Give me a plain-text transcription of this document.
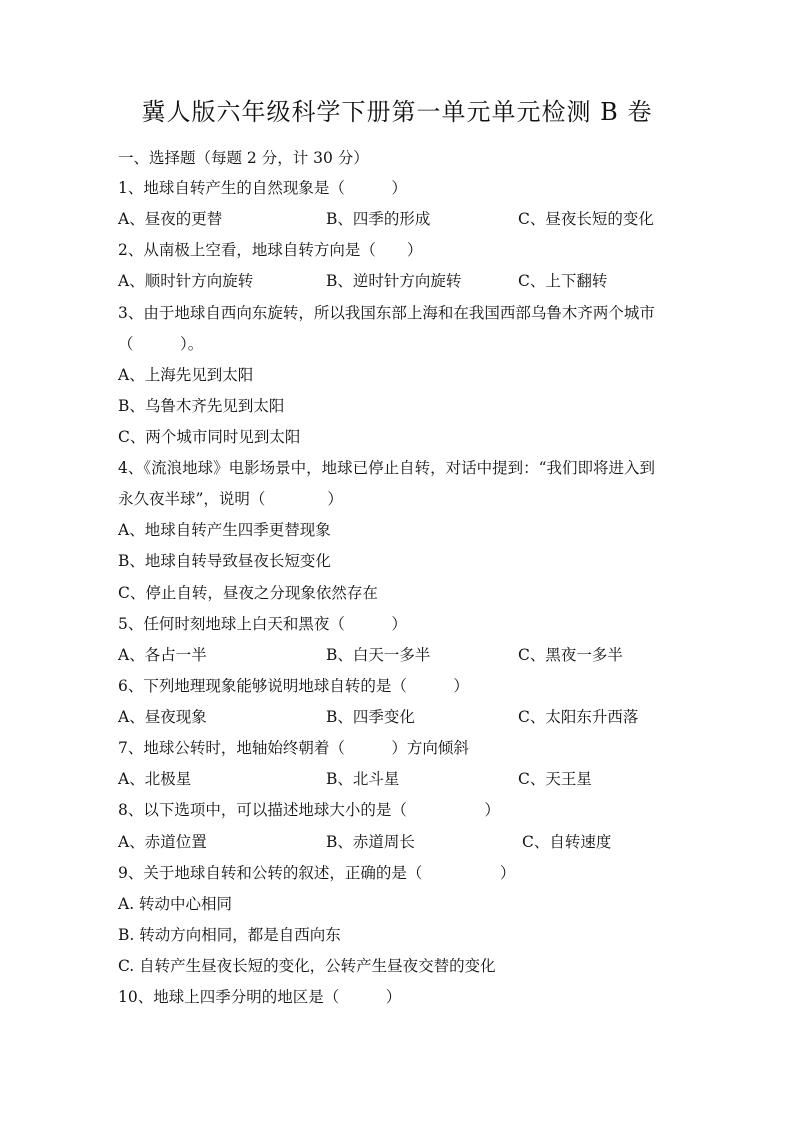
冀人版六年级科学下册第一单元单元检测 B 卷
一、选择题（每题 2 分，计 30 分）
1、地球自转产生的自然现象是（　　　）
A、昼夜的更替	B、四季的形成	C、昼夜长短的变化
2、从南极上空看，地球自转方向是（　　）
A、顺时针方向旋转	B、逆时针方向旋转	C、上下翻转
3、由于地球自西向东旋转，所以我国东部上海和在我国西部乌鲁木齐两个城市
（　　　）。
A、上海先见到太阳
B、乌鲁木齐先见到太阳
C、两个城市同时见到太阳
4、《流浪地球》电影场景中，地球已停止自转，对话中提到：“我们即将进入到
永久夜半球”，说明（　　　　）
A、地球自转产生四季更替现象
B、地球自转导致昼夜长短变化
C、停止自转，昼夜之分现象依然存在
5、任何时刻地球上白天和黑夜（　　　）
A、各占一半	B、白天一多半	C、黑夜一多半
6、下列地理现象能够说明地球自转的是（　　　）
A、昼夜现象	B、四季变化	C、太阳东升西落
7、地球公转时，地轴始终朝着（　　　）方向倾斜
A、北极星	B、北斗星	C、天王星
8、以下选项中，可以描述地球大小的是（　　　　　）
A、赤道位置	B、赤道周长	C、自转速度
9、关于地球自转和公转的叙述，正确的是（　　　　　）
A. 转动中心相同
B. 转动方向相同，都是自西向东
C. 自转产生昼夜长短的变化，公转产生昼夜交替的变化
10、地球上四季分明的地区是（　　　）
